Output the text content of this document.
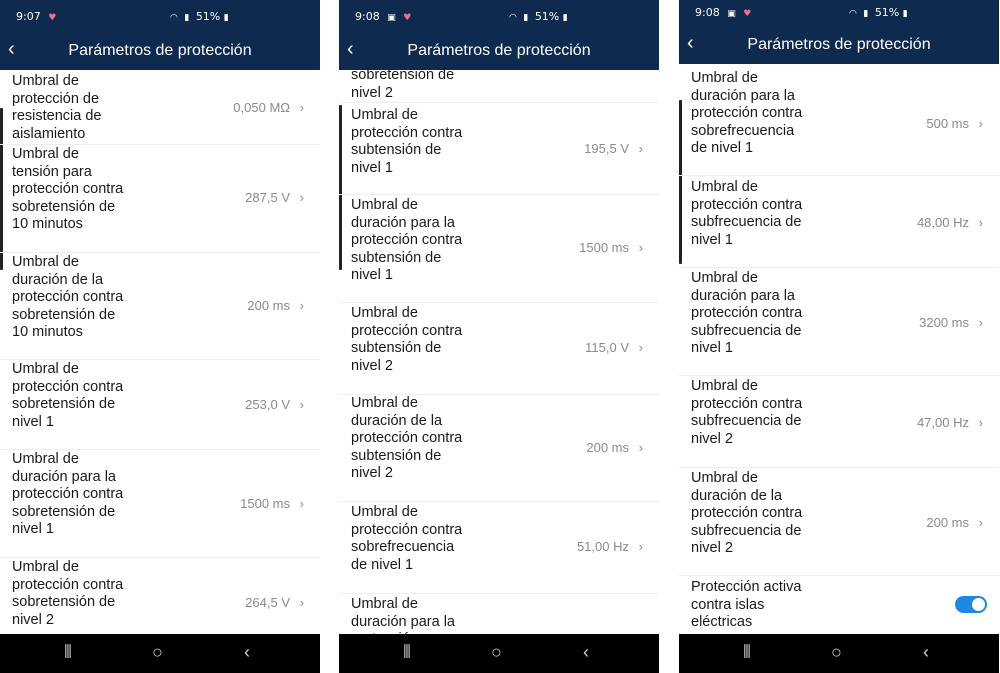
9:07 ♥	◠ ▮ 51% ▮
‹	Parámetros de protección
Umbral de protección de resistencia de aislamiento
0,050 MΩ ›
Umbral de tensión para protección contra sobretensión de 10 minutos
287,5 V ›
Umbral de duración de la protección contra sobretensión de 10 minutos
200 ms ›
Umbral de protección contra sobretensión de nivel 1
253,0 V ›
Umbral de duración para la protección contra sobretensión de nivel 1
1500 ms ›
Umbral de protección contra sobretensión de nivel 2
264,5 V ›
⦀	○	‹
9:08 ▣ ♥	◠ ▮ 51% ▮
‹	Parámetros de protección
sobretensión de nivel 2
Umbral de protección contra subtensión de nivel 1
195,5 V ›
Umbral de duración para la protección contra subtensión de nivel 1
1500 ms ›
Umbral de protección contra subtensión de nivel 2
115,0 V ›
Umbral de duración de la protección contra subtensión de nivel 2
200 ms ›
Umbral de protección contra sobrefrecuencia de nivel 1
51,00 Hz ›
Umbral de duración para la
⦀	○	‹
9:08 ▣ ♥	◠ ▮ 51% ▮
‹	Parámetros de protección
Umbral de duración para la protección contra sobrefrecuencia de nivel 1
500 ms ›
Umbral de protección contra subfrecuencia de nivel 1
48,00 Hz ›
Umbral de duración para la protección contra subfrecuencia de nivel 1
3200 ms ›
Umbral de protección contra subfrecuencia de nivel 2
47,00 Hz ›
Umbral de duración de la protección contra subfrecuencia de nivel 2
200 ms ›
Protección activa contra islas eléctricas
⦀	○	‹
